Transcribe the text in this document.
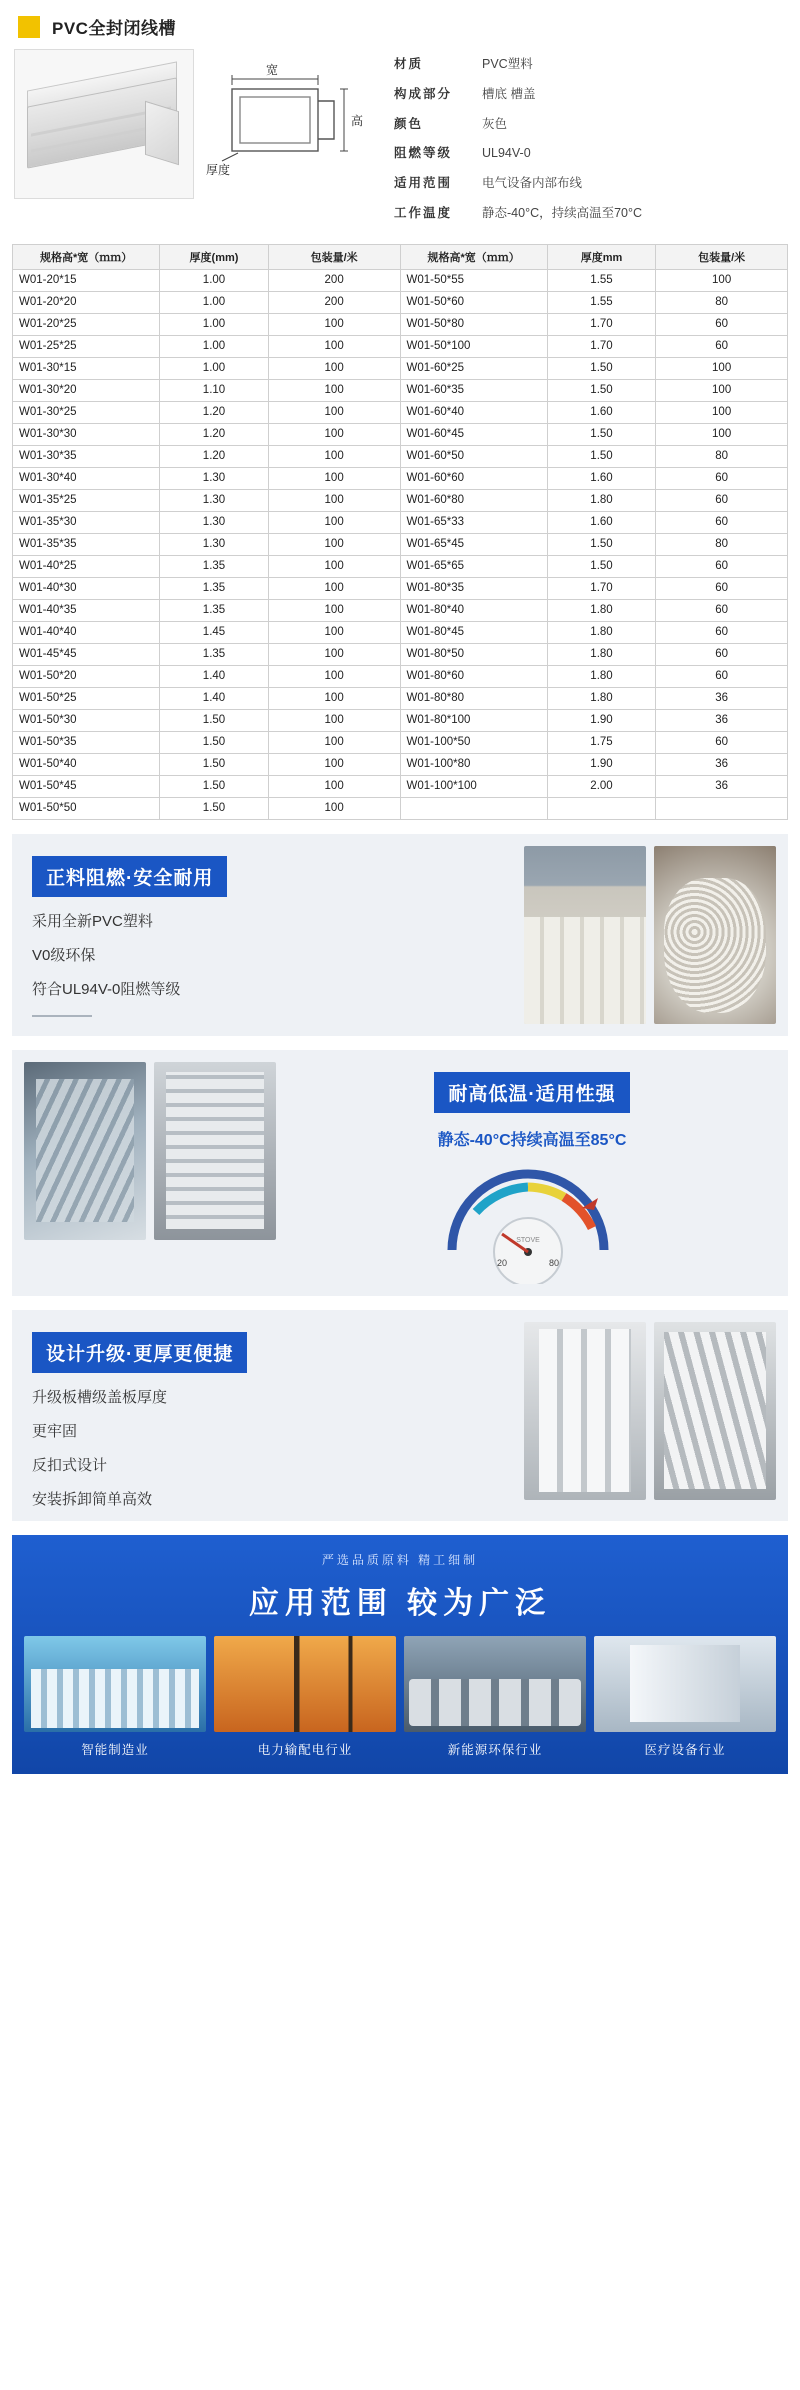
PVC全封闭线槽
宽
高
厚度
材质	PVC塑料
构成部分	槽底 槽盖
颜色	灰色
阻燃等级	UL94V-0
适用范围	电气设备内部布线
工作温度	静态-40°C，持续高温至70°C
规格高*宽（ｍｍ）	厚度(mm)	包装量/米	规格高*宽（ｍｍ）	厚度mm	包装量/米
W01-20*15	1.00	200	W01-50*55	1.55	100
W01-20*20	1.00	200	W01-50*60	1.55	80
W01-20*25	1.00	100	W01-50*80	1.70	60
W01-25*25	1.00	100	W01-50*100	1.70	60
W01-30*15	1.00	100	W01-60*25	1.50	100
W01-30*20	1.10	100	W01-60*35	1.50	100
W01-30*25	1.20	100	W01-60*40	1.60	100
W01-30*30	1.20	100	W01-60*45	1.50	100
W01-30*35	1.20	100	W01-60*50	1.50	80
W01-30*40	1.30	100	W01-60*60	1.60	60
W01-35*25	1.30	100	W01-60*80	1.80	60
W01-35*30	1.30	100	W01-65*33	1.60	60
W01-35*35	1.30	100	W01-65*45	1.50	80
W01-40*25	1.35	100	W01-65*65	1.50	60
W01-40*30	1.35	100	W01-80*35	1.70	60
W01-40*35	1.35	100	W01-80*40	1.80	60
W01-40*40	1.45	100	W01-80*45	1.80	60
W01-45*45	1.35	100	W01-80*50	1.80	60
W01-50*20	1.40	100	W01-80*60	1.80	60
W01-50*25	1.40	100	W01-80*80	1.80	36
W01-50*30	1.50	100	W01-80*100	1.90	36
W01-50*35	1.50	100	W01-100*50	1.75	60
W01-50*40	1.50	100	W01-100*80	1.90	36
W01-50*45	1.50	100	W01-100*100	2.00	36
W01-50*50	1.50	100			
正料阻燃·安全耐用
采用全新PVC塑料
V0级环保
符合UL94V-0阻燃等级
耐高低温·适用性强
静态-40°C持续高温至85°C
STOVE
20	80
设计升级·更厚更便捷
升级板槽级盖板厚度
更牢固
反扣式设计
安装拆卸简单高效
严选品质原料 精工细制
应用范围 较为广泛
智能制造业	电力输配电行业	新能源环保行业	医疗设备行业
